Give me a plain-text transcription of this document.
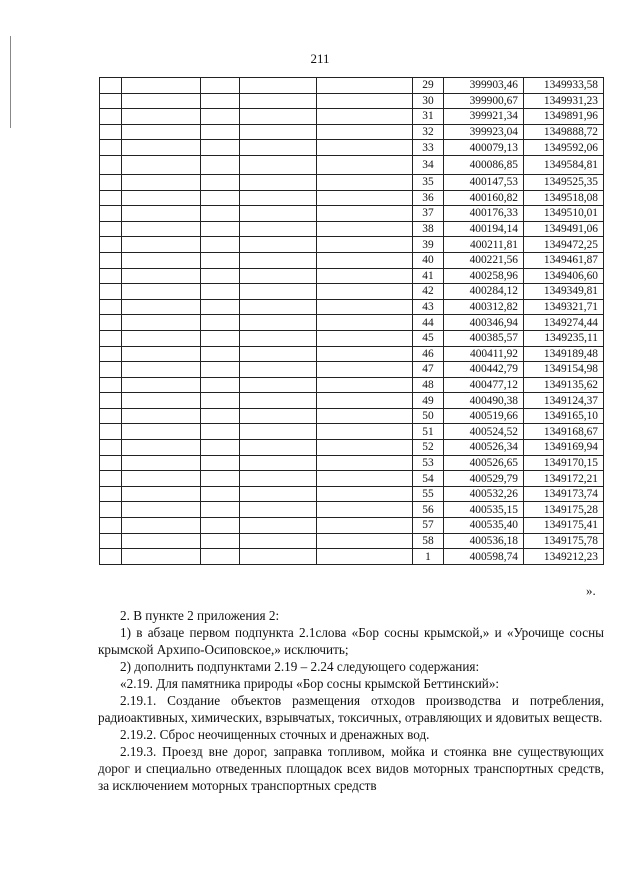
211
					29	399903,46	1349933,58
					30	399900,67	1349931,23
					31	399921,34	1349891,96
					32	399923,04	1349888,72
					33	400079,13	1349592,06
					34	400086,85	1349584,81
					35	400147,53	1349525,35
					36	400160,82	1349518,08
					37	400176,33	1349510,01
					38	400194,14	1349491,06
					39	400211,81	1349472,25
					40	400221,56	1349461,87
					41	400258,96	1349406,60
					42	400284,12	1349349,81
					43	400312,82	1349321,71
					44	400346,94	1349274,44
					45	400385,57	1349235,11
					46	400411,92	1349189,48
					47	400442,79	1349154,98
					48	400477,12	1349135,62
					49	400490,38	1349124,37
					50	400519,66	1349165,10
					51	400524,52	1349168,67
					52	400526,34	1349169,94
					53	400526,65	1349170,15
					54	400529,79	1349172,21
					55	400532,26	1349173,74
					56	400535,15	1349175,28
					57	400535,40	1349175,41
					58	400536,18	1349175,78
					1	400598,74	1349212,23
».

2. В пункте 2 приложения 2:

1) в абзаце первом подпункта 2.1слова «Бор сосны крымской,» и «Урочище сосны крымской Архипо-Осиповское,» исключить;

2) дополнить подпунктами 2.19 – 2.24 следующего содержания:

«2.19. Для памятника природы «Бор сосны крымской Беттинский»:

2.19.1. Создание объектов размещения отходов производства и потребления, радиоактивных, химических, взрывчатых, токсичных, отравляющих и ядовитых веществ.

2.19.2. Сброс неочищенных сточных и дренажных вод.

2.19.3. Проезд вне дорог, заправка топливом, мойка и стоянка вне существующих дорог и специально отведенных площадок всех видов моторных транспортных средств, за исключением моторных транспортных средств
